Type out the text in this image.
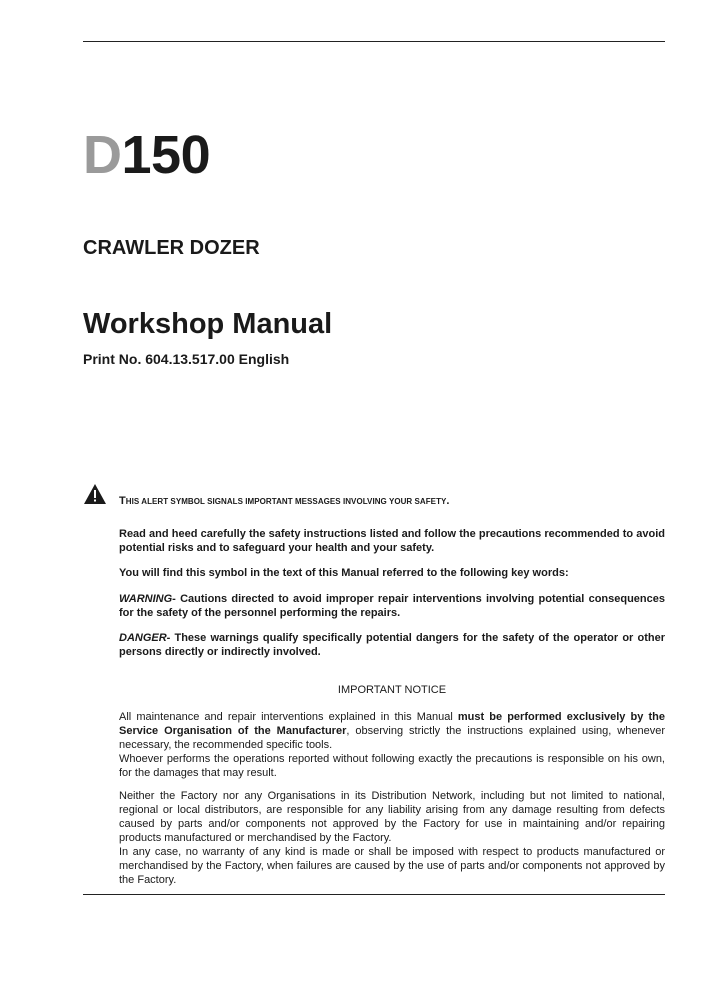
D150
CRAWLER DOZER
Workshop Manual
Print No. 604.13.517.00 English
THIS ALERT SYMBOL SIGNALS IMPORTANT MESSAGES INVOLVING YOUR SAFETY.
Read and heed carefully the safety instructions listed and follow the precautions recommended to avoid potential risks and to safeguard your health and your safety.
You will find this symbol in the text of this Manual referred to the following key words:
WARNING- Cautions directed to avoid improper repair interventions involving potential consequences for the safety of the personnel performing the repairs.
DANGER- These warnings qualify specifically potential dangers for the safety of the operator or other persons directly or indirectly involved.
IMPORTANT NOTICE
All maintenance and repair interventions explained in this Manual must be performed exclusively by the Service Organisation of the Manufacturer, observing strictly the instructions explained using, whenever necessary, the recommended specific tools.
Whoever performs the operations reported without following exactly the precautions is responsible on his own, for the damages that may result.
Neither the Factory nor any Organisations in its Distribution Network, including but not limited to national, regional or local distributors, are responsible for any liability arising from any damage resulting from defects caused by parts and/or components not approved by the Factory for use in maintaining and/or repairing products manufactured or merchandised by the Factory.
In any case, no warranty of any kind is made or shall be imposed with respect to products manufactured or merchandised by the Factory, when failures are caused by the use of parts and/or components not approved by the Factory.
